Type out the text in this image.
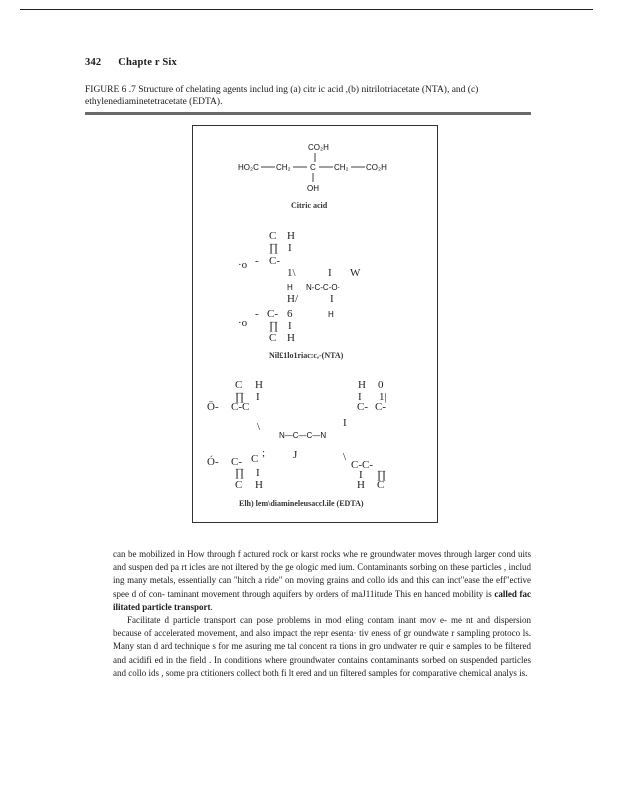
342 Chapte r Six
FIGURE 6 .7 Structure of chelating agents includ ing (a) citr ic acid ,(b) nitrilotriacetate (NTA), and (c) ethylenediaminetetracetate (EDTA).
CO₂H
HO₂C CH₂ C CH₂ CO₂H
OH
Citric acid
C H
∏ I
·o - C-
1\	I W
H N-C-C-O·
H/	I
·o
- C- 6	H
∏ I
C H
Nil£1lo1riac:c,-(NTA)
C H	H 0
∏ I	I 1|
Ō- C-C	C- C-
\	I
N—C—C—N
Ó- C- C	J
;	\
C-C-
∏ I	I ∏
C H	H C
Elh) lem\diamineleusaccl.ile (EDTA)

can be mobilized in How through f actured rock or karst rocks whe re groundwater moves through larger cond uits and suspen ded pa rt icles are not iltered by the ge ologic med ium. Contaminants sorbing on these particles , includ ing many metals, essentially can "hitch a ride" on moving grains and collo ids and this can inct"ease the eff"ective spee d of con- taminant movement through aquifers by orders of maJ11itude This en hanced mobility is called fac ilitated particle transport.

Facilitate d particle transport can pose problems in mod eling contam inant mov e- me nt and dispersion because of accelerated movement, and also impact the repr esenta· tiv eness of gr oundwate r sampling protoco ls. Many stan d ard technique s for me asuring me tal concent ra tions in gro undwater re quir e samples to be filtered and acidifi ed in the field . In conditions where groundwater contains contaminants sorbed on suspended particles and collo ids , some pra ctitioners collect both fi lt ered and un filtered samples for comparative chemical analys is.
